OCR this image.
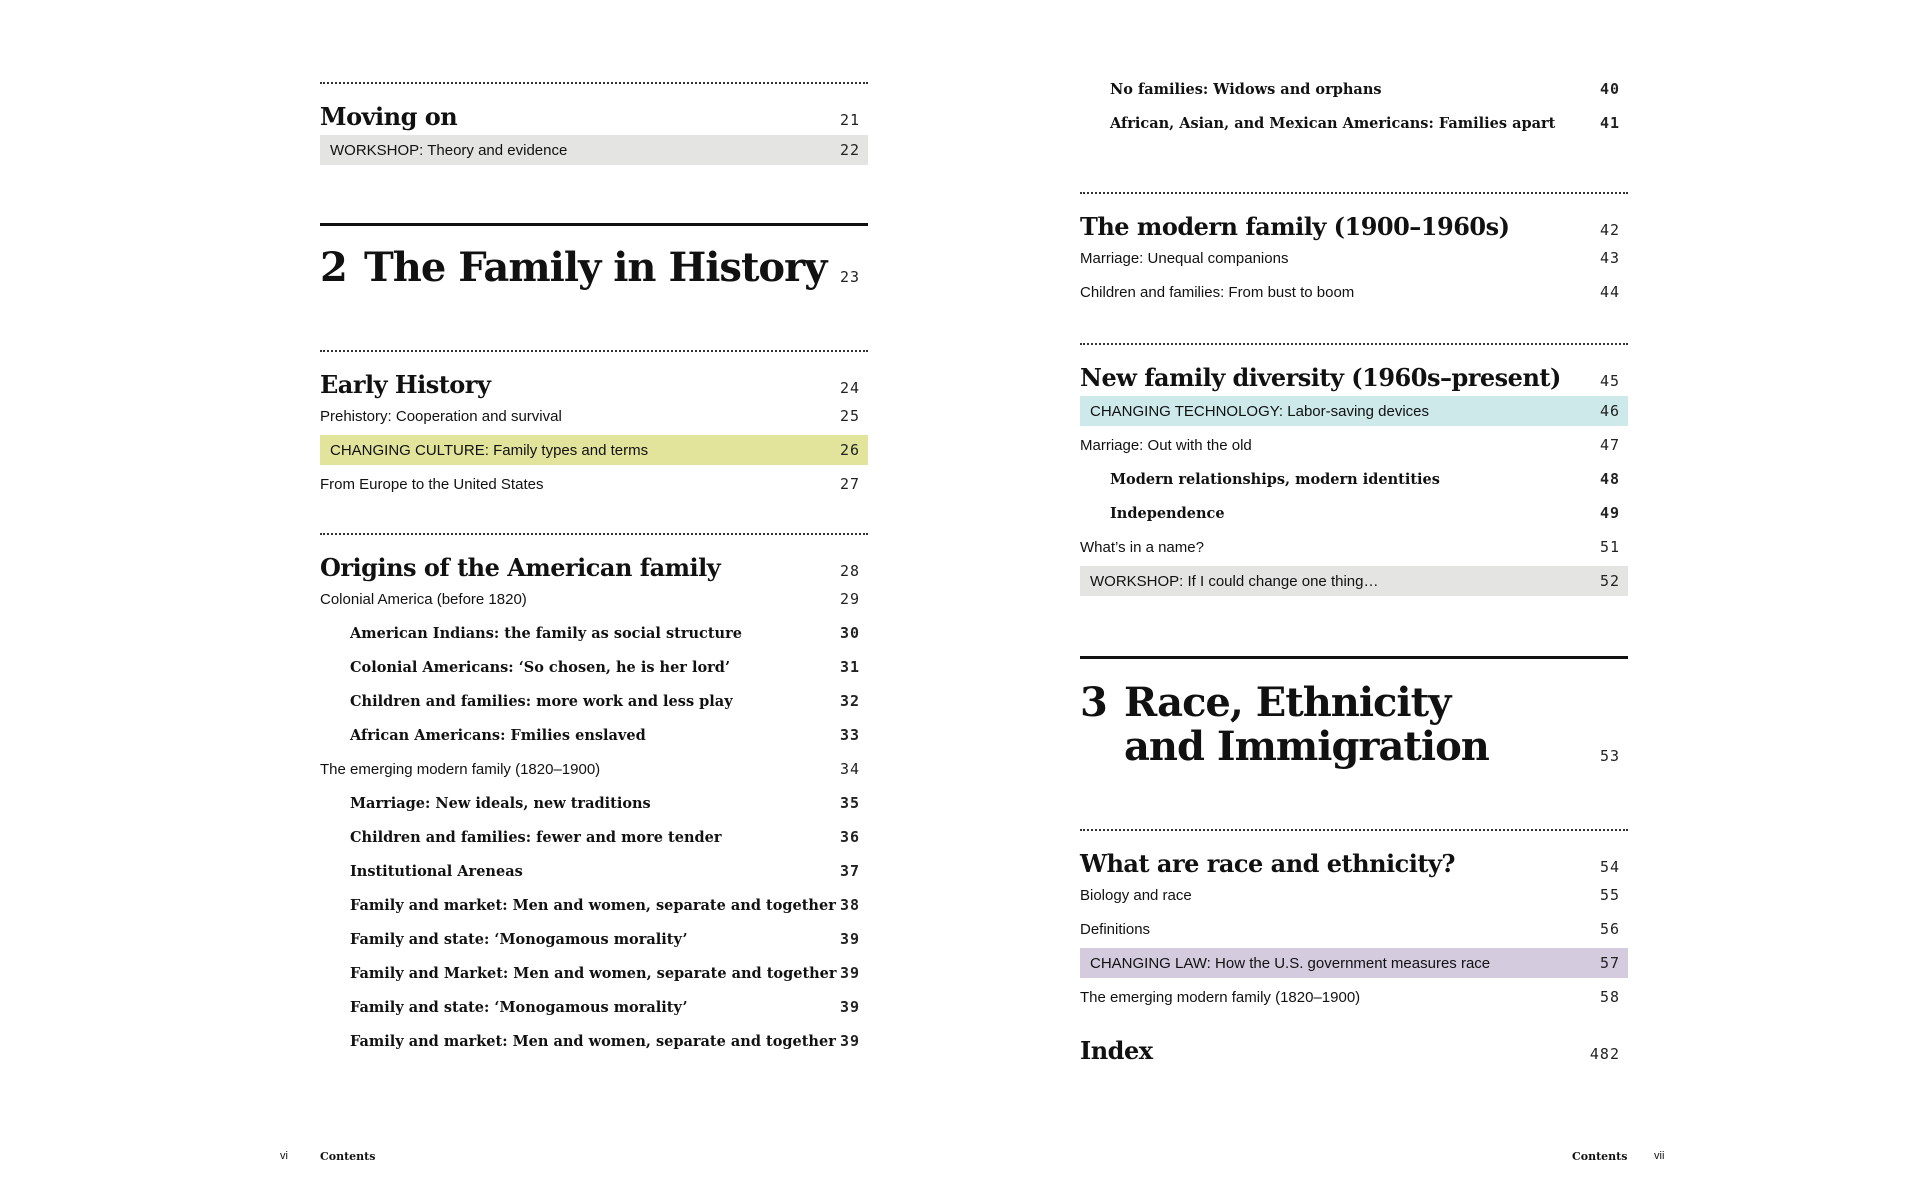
Moving on	21
WORKSHOP: Theory and evidence	22
2 The Family in History 23
Early History	24
Prehistory: Cooperation and survival	25
CHANGING CULTURE: Family types and terms	26
From Europe to the United States	27
Origins of the American family	28
Colonial America (before 1820)	29
American Indians: the family as social structure	30
Colonial Americans: ‘So chosen, he is her lord’	31
Children and families: more work and less play	32
African Americans: Fmilies enslaved	33
The emerging modern family (1820–1900)	34
Marriage: New ideals, new traditions	35
Children and families: fewer and more tender	36
Institutional Areneas	37
Family and market: Men and women, separate and together 38
Family and state: ‘Monogamous morality’	39
Family and Market: Men and women, separate and together 39
Family and state: ‘Monogamous morality’	39
Family and market: Men and women, separate and together 39
No families: Widows and orphans	40
African, Asian, and Mexican Americans: Families apart	41
The modern family (1900–1960s)	42
Marriage: Unequal companions	43
Children and families: From bust to boom	44
New family diversity (1960s–present)	45
CHANGING TECHNOLOGY: Labor-saving devices	46
Marriage: Out with the old	47
Modern relationships, modern identities	48
Independence	49
What’s in a name?	51
WORKSHOP: If I could change one thing…	52
3 Race, Ethnicity
and Immigration	53
What are race and ethnicity?	54
Biology and race	55
Definitions	56
CHANGING LAW: How the U.S. government measures race	57
The emerging modern family (1820–1900)	58
Index	482
vi	Contents	Contents vii
